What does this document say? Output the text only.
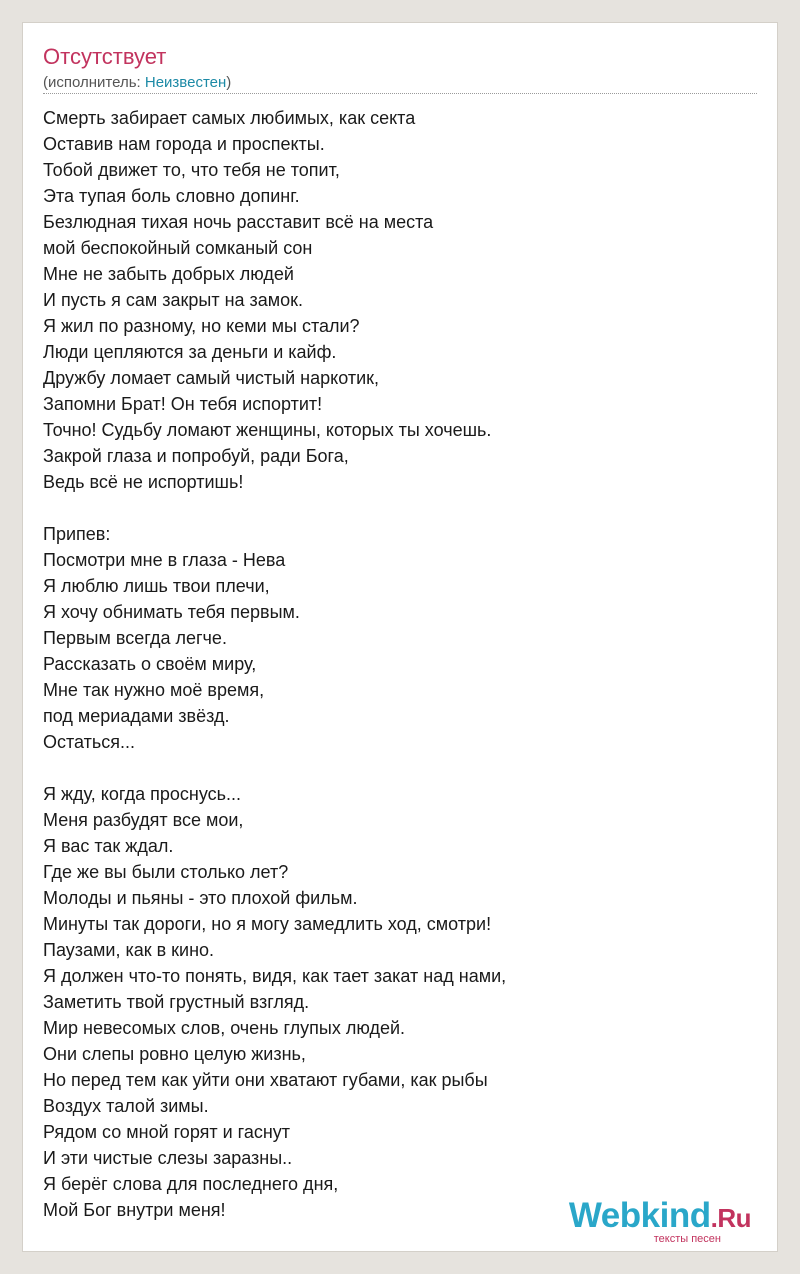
Отсутствует
(исполнитель: Неизвестен)
Смерть забирает самых любимых, как секта
Оставив нам города и проспекты.
Тобой движет то, что тебя не топит,
Эта тупая боль словно допинг.
Безлюдная тихая ночь расставит всё на места
мой беспокойный сомканый сон
Мне не забыть добрых людей
И пусть я сам закрыт на замок.
Я жил по разному, но кеми мы стали?
Люди цепляются за деньги и кайф.
Дружбу ломает самый чистый наркотик,
Запомни Брат! Он тебя испортит!
Точно! Судьбу ломают женщины, которых ты хочешь.
Закрой глаза и попробуй, ради Бога,
Ведь всё не испортишь!
Припев:
Посмотри мне в глаза - Нева
Я люблю лишь твои плечи,
Я хочу обнимать тебя первым.
Первым всегда легче.
Рассказать о своём миру,
Мне так нужно моё время,
под мериадами звёзд.
Остаться...
Я жду, когда проснусь...
Меня разбудят все мои,
Я вас так ждал.
Где же вы были столько лет?
Молоды и пьяны - это плохой фильм.
Минуты так дороги, но я могу замедлить ход, смотри!
Паузами, как в кино.
Я должен что-то понять, видя, как тает закат над нами,
Заметить твой грустный взгляд.
Мир невесомых слов, очень глупых людей.
Они слепы ровно целую жизнь,
Но перед тем как уйти они хватают губами, как рыбы
Воздух талой зимы.
Рядом со мной горят и гаснут
И эти чистые слезы заразны..
Я берёг слова для последнего дня,
Мой Бог внутри меня!	Webkind.Ru
тексты песен
